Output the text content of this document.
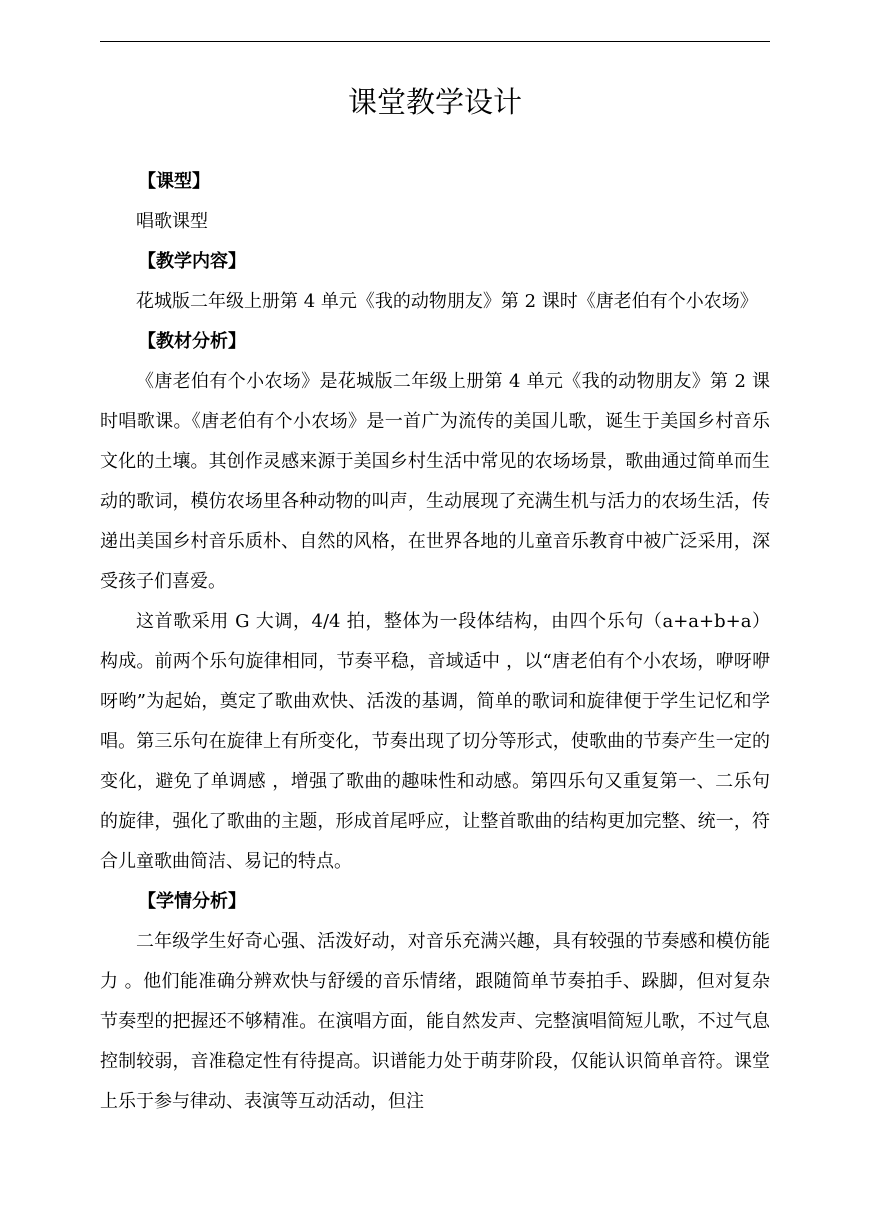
课堂教学设计

【课型】

唱歌课型

【教学内容】

花城版二年级上册第 4 单元《我的动物朋友》第 2 课时《唐老伯有个小农场》

【教材分析】

《唐老伯有个小农场》是花城版二年级上册第 4 单元《我的动物朋友》第 2 课时唱歌课。《唐老伯有个小农场》是一首广为流传的美国儿歌，诞生于美国乡村音乐文化的土壤。其创作灵感来源于美国乡村生活中常见的农场场景，歌曲通过简单而生动的歌词，模仿农场里各种动物的叫声，生动展现了充满生机与活力的农场生活，传递出美国乡村音乐质朴、自然的风格，在世界各地的儿童音乐教育中被广泛采用，深受孩子们喜爱。

这首歌采用 G 大调，4/4 拍，整体为一段体结构，由四个乐句（a+a+b+a）构成。前两个乐句旋律相同，节奏平稳，音域适中 ，以“唐老伯有个小农场，咿呀咿呀哟”为起始，奠定了歌曲欢快、活泼的基调，简单的歌词和旋律便于学生记忆和学唱。第三乐句在旋律上有所变化，节奏出现了切分等形式，使歌曲的节奏产生一定的变化，避免了单调感 ，增强了歌曲的趣味性和动感。第四乐句又重复第一、二乐句的旋律，强化了歌曲的主题，形成首尾呼应，让整首歌曲的结构更加完整、统一，符合儿童歌曲简洁、易记的特点。

【学情分析】

二年级学生好奇心强、活泼好动，对音乐充满兴趣，具有较强的节奏感和模仿能力 。他们能准确分辨欢快与舒缓的音乐情绪，跟随简单节奏拍手、跺脚，但对复杂节奏型的把握还不够精准。在演唱方面，能自然发声、完整演唱简短儿歌，不过气息控制较弱，音准稳定性有待提高。识谱能力处于萌芽阶段，仅能认识简单音符。课堂上乐于参与律动、表演等互动活动，但注
